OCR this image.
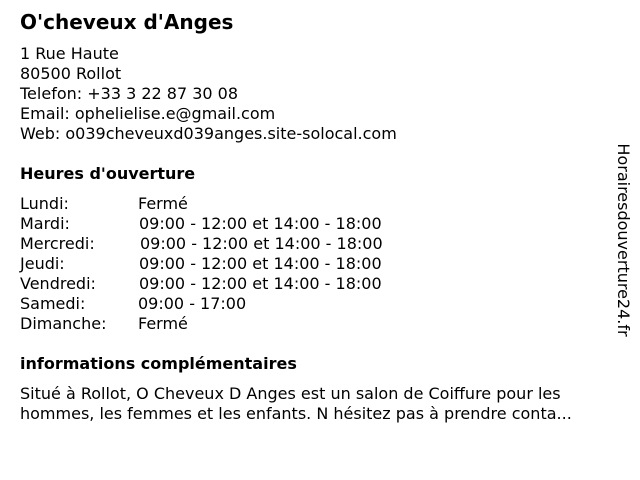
O'cheveux d'Anges
1 Rue Haute
80500 Rollot
Telefon: +33 3 22 87 30 08
Email: ophelielise.e@gmail.com
Web: o039cheveuxd039anges.site-solocal.com
Heures d'ouverture
Lundi:	Fermé
Mardi:	09:00 - 12:00 et 14:00 - 18:00
Mercredi:	09:00 - 12:00 et 14:00 - 18:00
Jeudi:	09:00 - 12:00 et 14:00 - 18:00
Vendredi:	09:00 - 12:00 et 14:00 - 18:00
Samedi:	09:00 - 17:00
Dimanche: Fermé
informations complémentaires
Situé à Rollot, O Cheveux D Anges est un salon de Coiffure pour les
hommes, les femmes et les enfants. N hésitez pas à prendre conta...
Horairesdouverture24.fr
